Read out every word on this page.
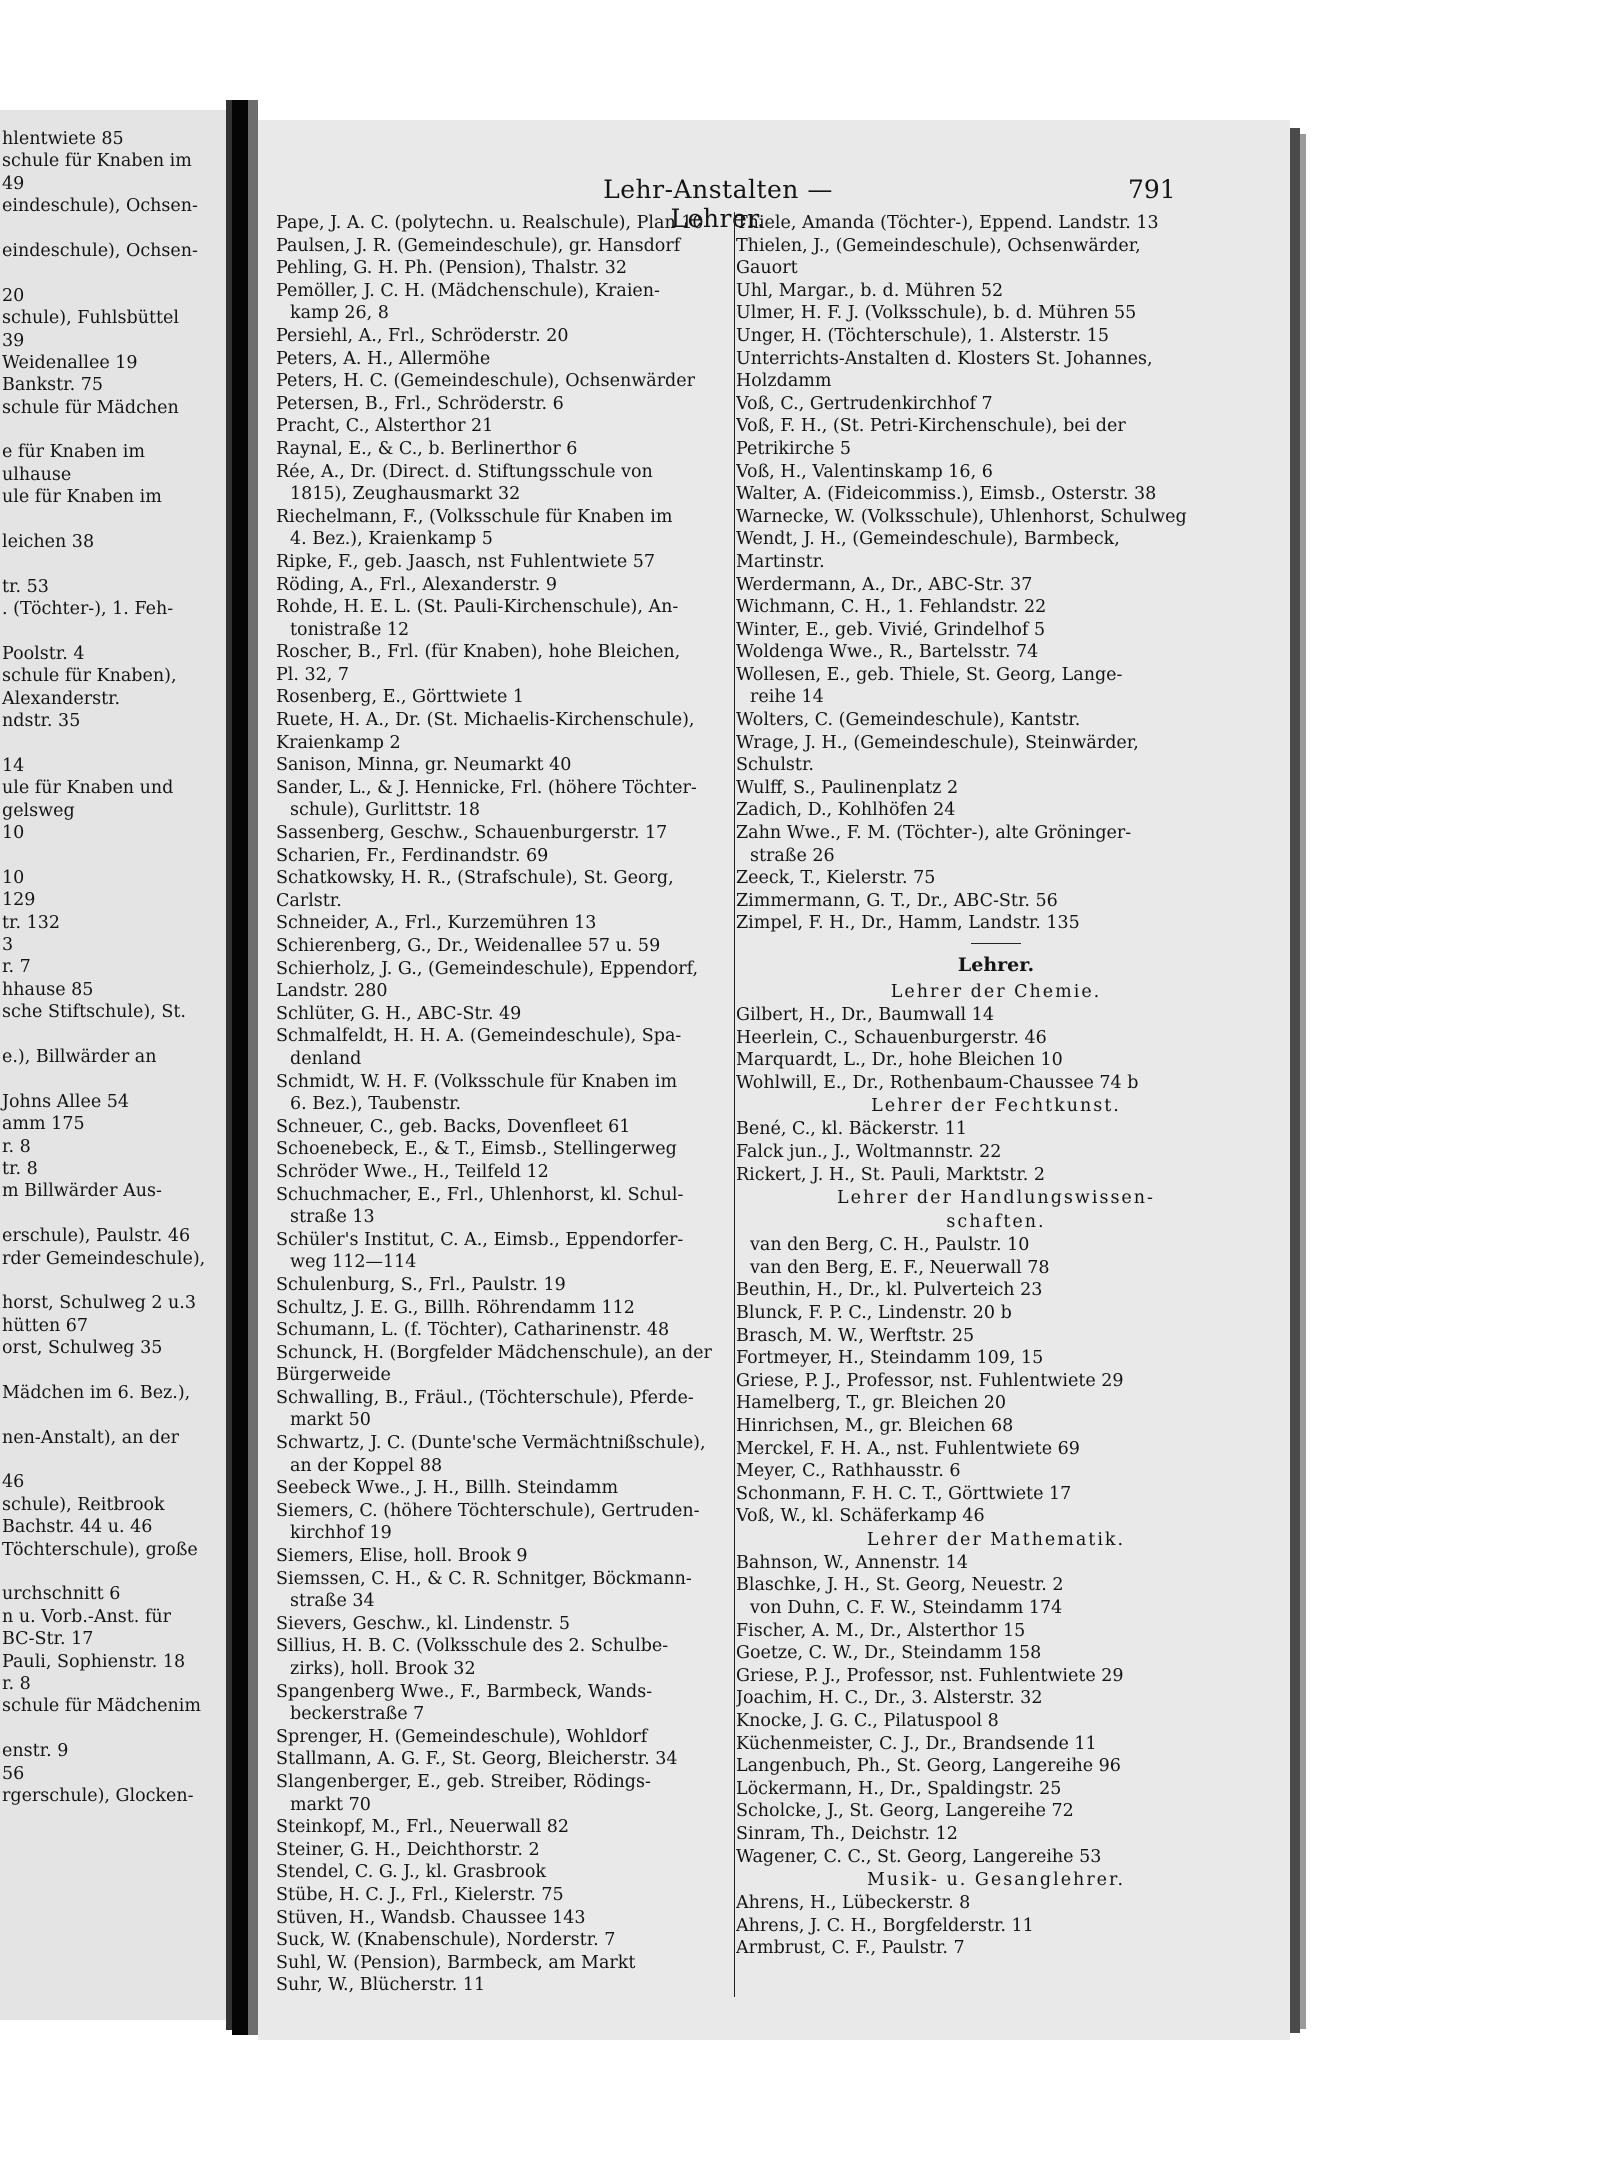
hlentwiete 85
schule für Knaben im
49
eindeschule), Ochsen-
eindeschule), Ochsen-
20
schule), Fuhlsbüttel
39
Weidenallee 19
Bankstr. 75
schule für Mädchen
e für Knaben im
ulhause
ule für Knaben im
leichen 38
tr. 53
. (Töchter-), 1. Feh-
Poolstr. 4
schule für Knaben),
Alexanderstr.
ndstr. 35
14
ule für Knaben und
gelsweg
10
10
129
tr. 132
3
r. 7
hhause 85
sche Stiftschule), St.
e.), Billwärder an
Johns Allee 54
amm 175
r. 8
tr. 8
m Billwärder Aus-
erschule), Paulstr. 46
rder Gemeindeschule),
horst, Schulweg 2 u.3
hütten 67
orst, Schulweg 35
Mädchen im 6. Bez.),
nen-Anstalt), an der
46
schule), Reitbrook
Bachstr. 44 u. 46
Töchterschule), große
urchschnitt 6
n u. Vorb.-Anst. für
BC-Str. 17
Pauli, Sophienstr. 18
r. 8
schule für Mädchenim
enstr. 9
56
rgerschule), Glocken-
Lehr-Anstalten — Lehrer.
791
Pape, J. A. C. (polytechn. u. Realschule), Plan 10
Paulsen, J. R. (Gemeindeschule), gr. Hansdorf
Pehling, G. H. Ph. (Pension), Thalstr. 32
Pemöller, J. C. H. (Mädchenschule), Kraien-
kamp 26, 8
Persiehl, A., Frl., Schröderstr. 20
Peters, A. H., Allermöhe
Peters, H. C. (Gemeindeschule), Ochsenwärder
Petersen, B., Frl., Schröderstr. 6
Pracht, C., Alsterthor 21
Raynal, E., & C., b. Berlinerthor 6
Rée, A., Dr. (Direct. d. Stiftungsschule von
1815), Zeughausmarkt 32
Riechelmann, F., (Volksschule für Knaben im
4. Bez.), Kraienkamp 5
Ripke, F., geb. Jaasch, nst Fuhlentwiete 57
Röding, A., Frl., Alexanderstr. 9
Rohde, H. E. L. (St. Pauli-Kirchenschule), An-
tonistraße 12
Roscher, B., Frl. (für Knaben), hohe Bleichen,
Pl. 32, 7
Rosenberg, E., Görttwiete 1
Ruete, H. A., Dr. (St. Michaelis-Kirchenschule),
Kraienkamp 2
Sanison, Minna, gr. Neumarkt 40
Sander, L., & J. Hennicke, Frl. (höhere Töchter-
schule), Gurlittstr. 18
Sassenberg, Geschw., Schauenburgerstr. 17
Scharien, Fr., Ferdinandstr. 69
Schatkowsky, H. R., (Strafschule), St. Georg,
Carlstr.
Schneider, A., Frl., Kurzemühren 13
Schierenberg, G., Dr., Weidenallee 57 u. 59
Schierholz, J. G., (Gemeindeschule), Eppendorf,
Landstr. 280
Schlüter, G. H., ABC-Str. 49
Schmalfeldt, H. H. A. (Gemeindeschule), Spa-
denland
Schmidt, W. H. F. (Volksschule für Knaben im
6. Bez.), Taubenstr.
Schneuer, C., geb. Backs, Dovenfleet 61
Schoenebeck, E., & T., Eimsb., Stellingerweg
Schröder Wwe., H., Teilfeld 12
Schuchmacher, E., Frl., Uhlenhorst, kl. Schul-
straße 13
Schüler's Institut, C. A., Eimsb., Eppendorfer-
weg 112—114
Schulenburg, S., Frl., Paulstr. 19
Schultz, J. E. G., Billh. Röhrendamm 112
Schumann, L. (f. Töchter), Catharinenstr. 48
Schunck, H. (Borgfelder Mädchenschule), an der
Bürgerweide
Schwalling, B., Fräul., (Töchterschule), Pferde-
markt 50
Schwartz, J. C. (Dunte'sche Vermächtnißschule),
an der Koppel 88
Seebeck Wwe., J. H., Billh. Steindamm
Siemers, C. (höhere Töchterschule), Gertruden-
kirchhof 19
Siemers, Elise, holl. Brook 9
Siemssen, C. H., & C. R. Schnitger, Böckmann-
straße 34
Sievers, Geschw., kl. Lindenstr. 5
Sillius, H. B. C. (Volksschule des 2. Schulbe-
zirks), holl. Brook 32
Spangenberg Wwe., F., Barmbeck, Wands-
beckerstraße 7
Sprenger, H. (Gemeindeschule), Wohldorf
Stallmann, A. G. F., St. Georg, Bleicherstr. 34
Slangenberger, E., geb. Streiber, Rödings-
markt 70
Steinkopf, M., Frl., Neuerwall 82
Steiner, G. H., Deichthorstr. 2
Stendel, C. G. J., kl. Grasbrook
Stübe, H. C. J., Frl., Kielerstr. 75
Stüven, H., Wandsb. Chaussee 143
Suck, W. (Knabenschule), Norderstr. 7
Suhl, W. (Pension), Barmbeck, am Markt
Suhr, W., Blücherstr. 11
Thiele, Amanda (Töchter-), Eppend. Landstr. 13
Thielen, J., (Gemeindeschule), Ochsenwärder,
Gauort
Uhl, Margar., b. d. Mühren 52
Ulmer, H. F. J. (Volksschule), b. d. Mühren 55
Unger, H. (Töchterschule), 1. Alsterstr. 15
Unterrichts-Anstalten d. Klosters St. Johannes,
Holzdamm
Voß, C., Gertrudenkirchhof 7
Voß, F. H., (St. Petri-Kirchenschule), bei der
Petrikirche 5
Voß, H., Valentinskamp 16, 6
Walter, A. (Fideicommiss.), Eimsb., Osterstr. 38
Warnecke, W. (Volksschule), Uhlenhorst, Schulweg
Wendt, J. H., (Gemeindeschule), Barmbeck,
Martinstr.
Werdermann, A., Dr., ABC-Str. 37
Wichmann, C. H., 1. Fehlandstr. 22
Winter, E., geb. Vivié, Grindelhof 5
Woldenga Wwe., R., Bartelsstr. 74
Wollesen, E., geb. Thiele, St. Georg, Lange-
reihe 14
Wolters, C. (Gemeindeschule), Kantstr.
Wrage, J. H., (Gemeindeschule), Steinwärder,
Schulstr.
Wulff, S., Paulinenplatz 2
Zadich, D., Kohlhöfen 24
Zahn Wwe., F. M. (Töchter-), alte Gröninger-
straße 26
Zeeck, T., Kielerstr. 75
Zimmermann, G. T., Dr., ABC-Str. 56
Zimpel, F. H., Dr., Hamm, Landstr. 135
Lehrer.
Lehrer der Chemie.
Gilbert, H., Dr., Baumwall 14
Heerlein, C., Schauenburgerstr. 46
Marquardt, L., Dr., hohe Bleichen 10
Wohlwill, E., Dr., Rothenbaum-Chaussee 74 b
Lehrer der Fechtkunst.
Bené, C., kl. Bäckerstr. 11
Falck jun., J., Woltmannstr. 22
Rickert, J. H., St. Pauli, Marktstr. 2
Lehrer der Handlungswissen-
schaften.
van den Berg, C. H., Paulstr. 10
van den Berg, E. F., Neuerwall 78
Beuthin, H., Dr., kl. Pulverteich 23
Blunck, F. P. C., Lindenstr. 20 b
Brasch, M. W., Werftstr. 25
Fortmeyer, H., Steindamm 109, 15
Griese, P. J., Professor, nst. Fuhlentwiete 29
Hamelberg, T., gr. Bleichen 20
Hinrichsen, M., gr. Bleichen 68
Merckel, F. H. A., nst. Fuhlentwiete 69
Meyer, C., Rathhausstr. 6
Schonmann, F. H. C. T., Görttwiete 17
Voß, W., kl. Schäferkamp 46
Lehrer der Mathematik.
Bahnson, W., Annenstr. 14
Blaschke, J. H., St. Georg, Neuestr. 2
von Duhn, C. F. W., Steindamm 174
Fischer, A. M., Dr., Alsterthor 15
Goetze, C. W., Dr., Steindamm 158
Griese, P. J., Professor, nst. Fuhlentwiete 29
Joachim, H. C., Dr., 3. Alsterstr. 32
Knocke, J. G. C., Pilatuspool 8
Küchenmeister, C. J., Dr., Brandsende 11
Langenbuch, Ph., St. Georg, Langereihe 96
Löckermann, H., Dr., Spaldingstr. 25
Scholcke, J., St. Georg, Langereihe 72
Sinram, Th., Deichstr. 12
Wagener, C. C., St. Georg, Langereihe 53
Musik- u. Gesanglehrer.
Ahrens, H., Lübeckerstr. 8
Ahrens, J. C. H., Borgfelderstr. 11
Armbrust, C. F., Paulstr. 7
